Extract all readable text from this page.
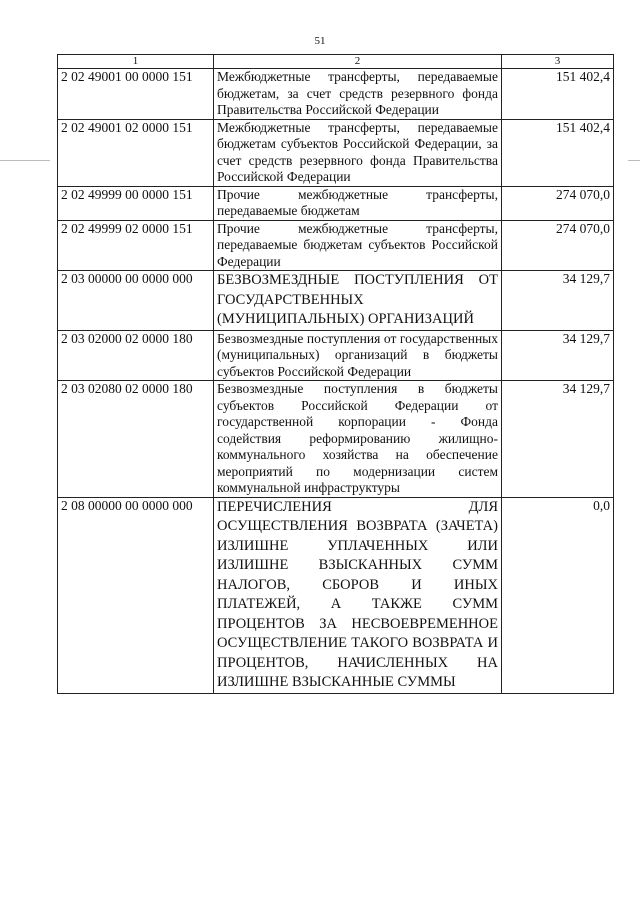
51
1	2	3
2 02 49001 00 0000 151	Межбюджетные трансферты, передаваемые бюджетам, за счет средств резервного фонда Правительства Российской Федерации	151 402,4
2 02 49001 02 0000 151	Межбюджетные трансферты, передаваемые бюджетам субъектов Российской Федерации, за счет средств резервного фонда Правительства Российской Федерации	151 402,4
2 02 49999 00 0000 151	Прочие межбюджетные трансферты, передаваемые бюджетам	274 070,0
2 02 49999 02 0000 151	Прочие межбюджетные трансферты, передаваемые бюджетам субъектов Российской Федерации	274 070,0
2 03 00000 00 0000 000	БЕЗВОЗМЕЗДНЫЕ ПОСТУПЛЕНИЯ ОТ ГОСУДАРСТВЕННЫХ (МУНИЦИПАЛЬНЫХ) ОРГАНИЗАЦИЙ	34 129,7
2 03 02000 02 0000 180	Безвозмездные поступления от государственных (муниципальных) организаций в бюджеты субъектов Российской Федерации	34 129,7
2 03 02080 02 0000 180	Безвозмездные поступления в бюджеты субъектов Российской Федерации от государственной корпорации - Фонда содействия реформированию жилищно-коммунального хозяйства на обеспечение мероприятий по модернизации систем коммунальной инфраструктуры	34 129,7
2 08 00000 00 0000 000	ПЕРЕЧИСЛЕНИЯ ДЛЯ ОСУЩЕСТВЛЕНИЯ ВОЗВРАТА (ЗАЧЕТА) ИЗЛИШНЕ УПЛАЧЕННЫХ ИЛИ ИЗЛИШНЕ ВЗЫСКАННЫХ СУММ НАЛОГОВ, СБОРОВ И ИНЫХ ПЛАТЕЖЕЙ, А ТАКЖЕ СУММ ПРОЦЕНТОВ ЗА НЕСВОЕВРЕМЕННОЕ ОСУЩЕСТВЛЕНИЕ ТАКОГО ВОЗВРАТА И ПРОЦЕНТОВ, НАЧИСЛЕННЫХ НА ИЗЛИШНЕ ВЗЫСКАННЫЕ СУММЫ	0,0
